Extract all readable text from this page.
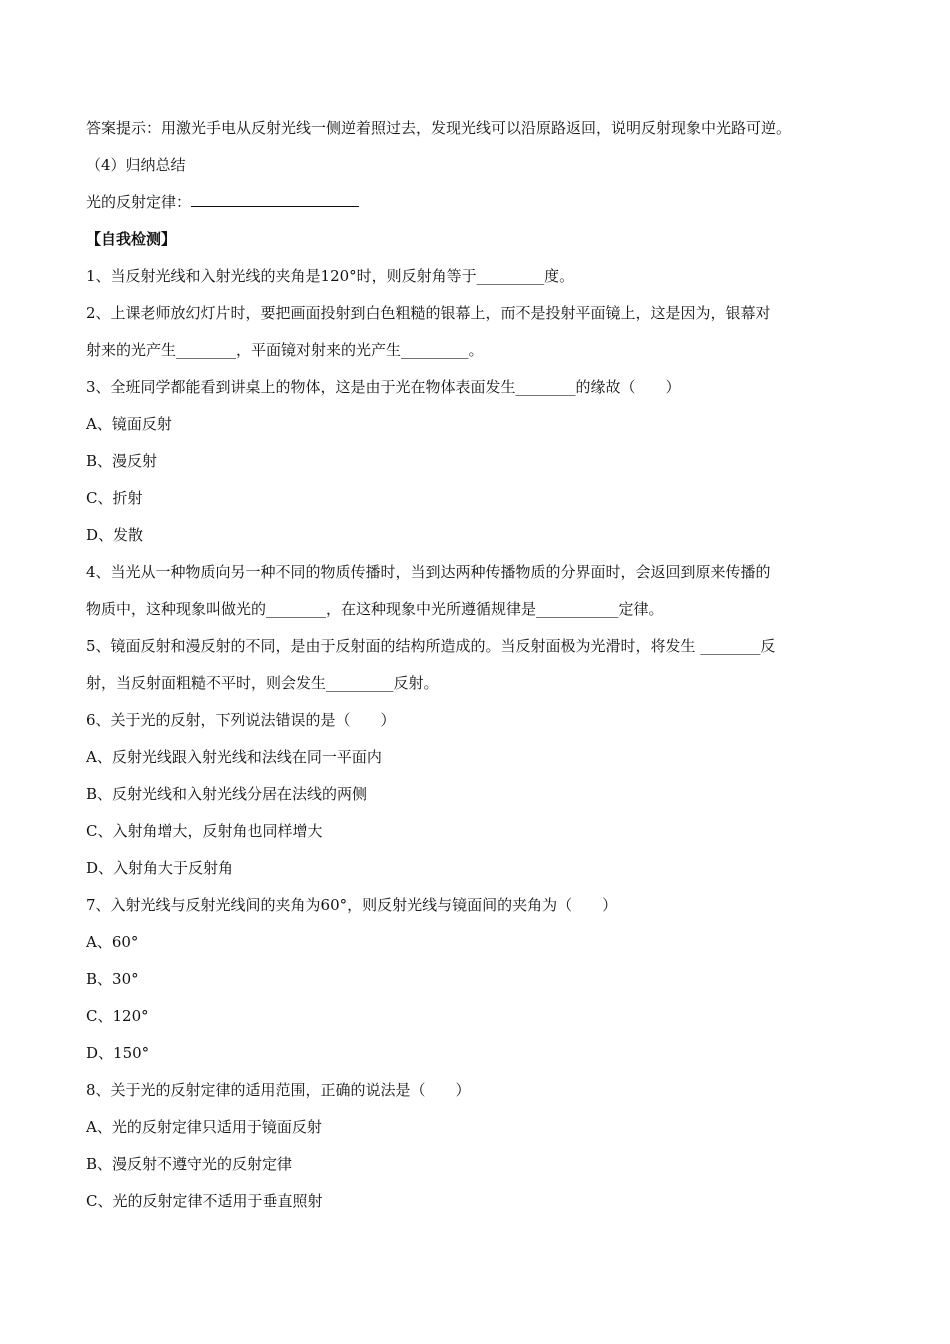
答案提示：用激光手电从反射光线一侧逆着照过去，发现光线可以沿原路返回，说明反射现象中光路可逆。
（4）归纳总结
光的反射定律：
【自我检测】
1、当反射光线和入射光线的夹角是120°时，则反射角等于_________度。
2、上课老师放幻灯片时，要把画面投射到白色粗糙的银幕上，而不是投射平面镜上，这是因为，银幕对
射来的光产生________，平面镜对射来的光产生_________。
3、全班同学都能看到讲桌上的物体，这是由于光在物体表面发生________的缘故（　　）
A、镜面反射
B、漫反射
C、折射
D、发散
4、当光从一种物质向另一种不同的物质传播时，当到达两种传播物质的分界面时，会返回到原来传播的
物质中，这种现象叫做光的________，在这种现象中光所遵循规律是___________定律。
5、镜面反射和漫反射的不同，是由于反射面的结构所造成的。当反射面极为光滑时，将发生 ________反
射，当反射面粗糙不平时，则会发生_________反射。
6、关于光的反射，下列说法错误的是（　　）
A、反射光线跟入射光线和法线在同一平面内
B、反射光线和入射光线分居在法线的两侧
C、入射角增大，反射角也同样增大
D、入射角大于反射角
7、入射光线与反射光线间的夹角为60°，则反射光线与镜面间的夹角为（　　）
A、60°
B、30°
C、120°
D、150°
8、关于光的反射定律的适用范围，正确的说法是（　　）
A、光的反射定律只适用于镜面反射
B、漫反射不遵守光的反射定律
C、光的反射定律不适用于垂直照射
